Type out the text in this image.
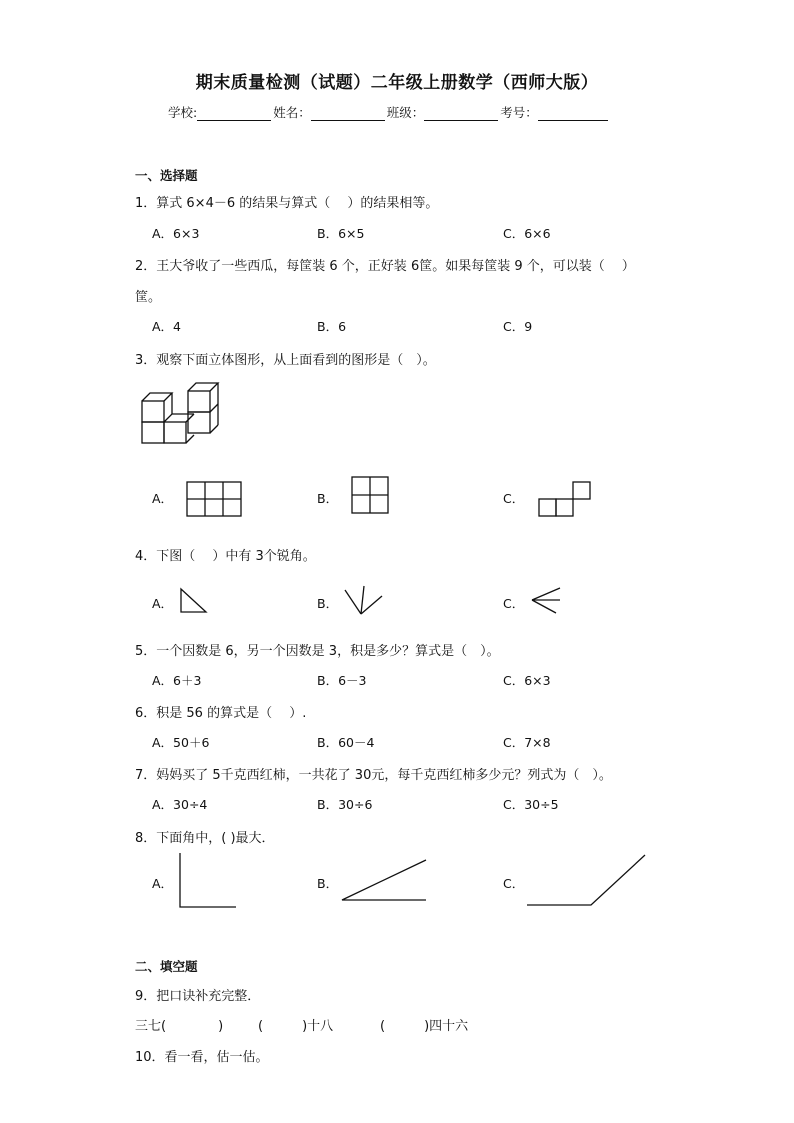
期末质量检测（试题）二年级上册数学（西师大版）
学校:	姓名：	班级：	考号：
一、选择题
1．算式 6×4－6 的结果与算式（　 ）的结果相等。
A．6×3	B．6×5	C．6×6
2．王大爷收了一些西瓜，每筐装 6 个，正好装 6筐。如果每筐装 9 个，可以装（　 ）
筐。
A．4	B．6	C．9
3．观察下面立体图形，从上面看到的图形是（　）。
A．	B．	C．
4．下图（　 ）中有 3个锐角。
A．	B．	C．
5．一个因数是 6，另一个因数是 3，积是多少？算式是（　）。
A．6＋3	B．6－3	C．6×3
6．积是 56 的算式是（　 ）.
A．50＋6	B．60－4	C．7×8
7．妈妈买了 5千克西红柿，一共花了 30元，每千克西红柿多少元？列式为（　）。
A．30÷4	B．30÷6	C．30÷5
8．下面角中，( )最大．
A．	B．	C．
二、填空题
9．把口诀补充完整．
三七(　　　　)	(　　　)十八	(　　　)四十六
10．看一看，估一估。
